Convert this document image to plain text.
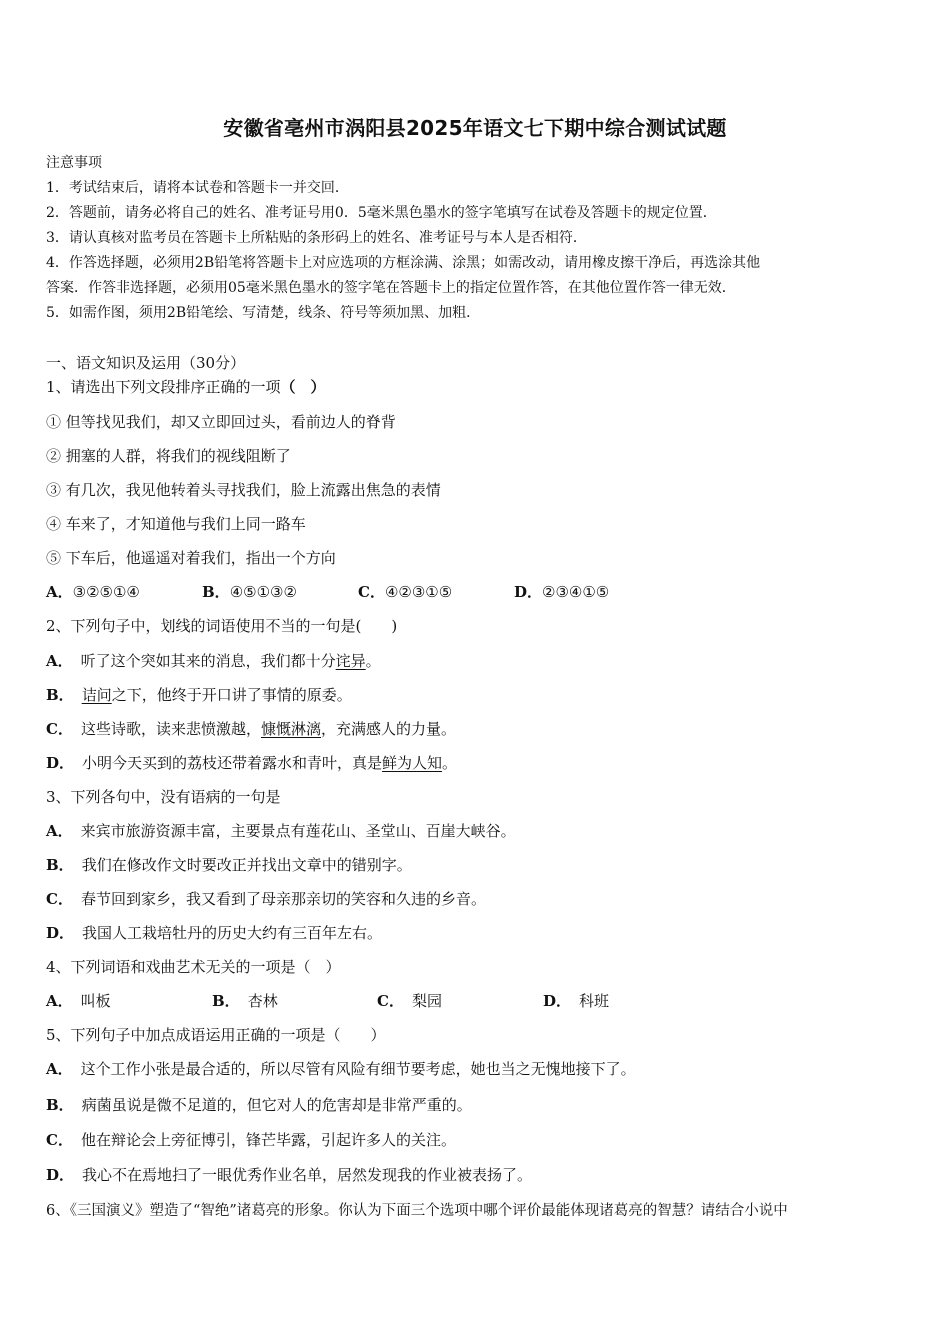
安徽省亳州市涡阳县2025年语文七下期中综合测试试题
注意事项
1．考试结束后，请将本试卷和答题卡一并交回．
2．答题前，请务必将自己的姓名、准考证号用0．5毫米黑色墨水的签字笔填写在试卷及答题卡的规定位置．
3．请认真核对监考员在答题卡上所粘贴的条形码上的姓名、准考证号与本人是否相符．
4．作答选择题，必须用2B铅笔将答题卡上对应选项的方框涂满、涂黑；如需改动，请用橡皮擦干净后，再选涂其他
答案．作答非选择题，必须用05毫米黑色墨水的签字笔在答题卡上的指定位置作答，在其他位置作答一律无效．
5．如需作图，须用2B铅笔绘、写清楚，线条、符号等须加黑、加粗．
一、语文知识及运用（30分）
1、请选出下列文段排序正确的一项（　）
① 但等找见我们，却又立即回过头，看前边人的脊背
② 拥塞的人群，将我们的视线阻断了
③ 有几次，我见他转着头寻找我们，脸上流露出焦急的表情
④ 车来了，才知道他与我们上同一路车
⑤ 下车后，他遥遥对着我们，指出一个方向
A．③②⑤①④	B．④⑤①③②	C．④②③①⑤	D．②③④①⑤
2、下列句子中，划线的词语使用不当的一句是(　　)
A． 听了这个突如其来的消息，我们都十分诧异。
B． 诘问之下，他终于开口讲了事情的原委。
C． 这些诗歌，读来悲愤激越，慷慨淋漓，充满感人的力量。
D． 小明今天买到的荔枝还带着露水和青叶，真是鲜为人知。
3、下列各句中，没有语病的一句是
A． 来宾市旅游资源丰富，主要景点有莲花山、圣堂山、百崖大峡谷。
B． 我们在修改作文时要改正并找出文章中的错别字。
C． 春节回到家乡，我又看到了母亲那亲切的笑容和久违的乡音。
D． 我国人工栽培牡丹的历史大约有三百年左右。
4、下列词语和戏曲艺术无关的一项是（　）
A． 叫板	B． 杏林	C． 梨园	D． 科班
5、下列句子中加点成语运用正确的一项是（　　）
A． 这个工作小张是最合适的，所以尽管有风险有细节要考虑，她也当之无愧地接下了。
B． 病菌虽说是微不足道的，但它对人的危害却是非常严重的。
C． 他在辩论会上旁征博引，锋芒毕露，引起许多人的关注。
D． 我心不在焉地扫了一眼优秀作业名单，居然发现我的作业被表扬了。
6、《三国演义》塑造了“智绝”诸葛亮的形象。你认为下面三个选项中哪个评价最能体现诸葛亮的智慧？请结合小说中
